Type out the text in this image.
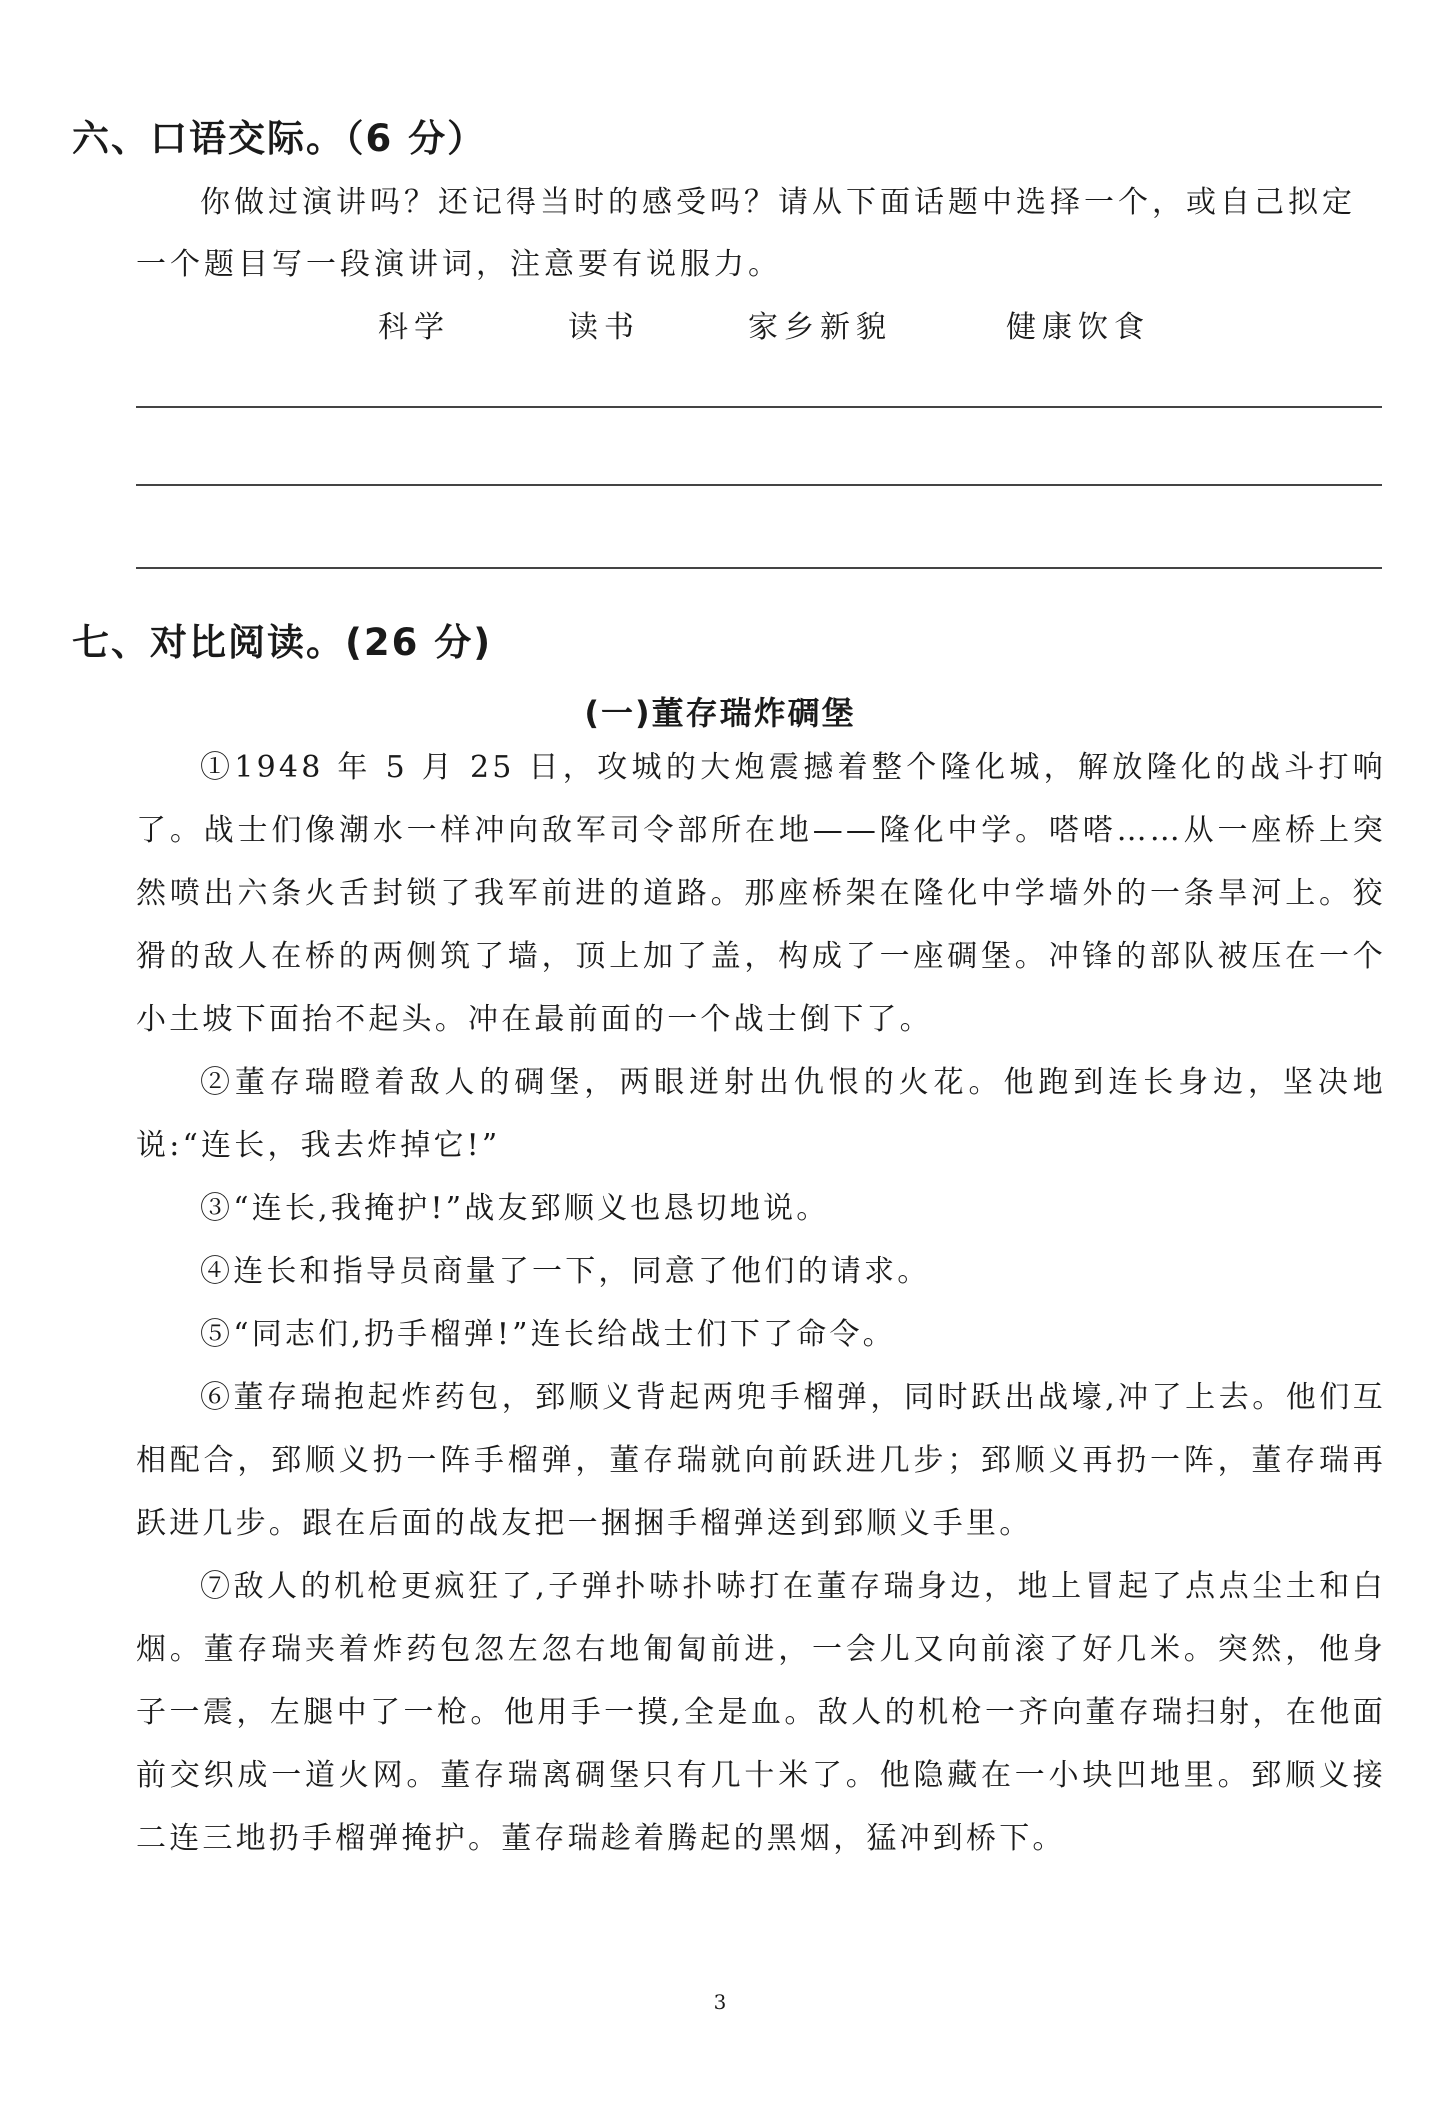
六、口语交际。（6 分）

你做过演讲吗？还记得当时的感受吗？请从下面话题中选择一个，或自己拟定一个题目写一段演讲词，注意要有说服力。

科学	读书	家乡新貌	健康饮食
七、对比阅读。(26 分)
(一)董存瑞炸碉堡

①1948 年 5 月 25 日，攻城的大炮震撼着整个隆化城，解放隆化的战斗打响了。战士们像潮水一样冲向敌军司令部所在地——隆化中学。嗒嗒……从一座桥上突然喷出六条火舌封锁了我军前进的道路。那座桥架在隆化中学墙外的一条旱河上。狡猾的敌人在桥的两侧筑了墙，顶上加了盖，构成了一座碉堡。冲锋的部队被压在一个小土坡下面抬不起头。冲在最前面的一个战士倒下了。

②董存瑞瞪着敌人的碉堡，两眼迸射出仇恨的火花。他跑到连长身边，坚决地说:“连长，我去炸掉它!”

③“连长,我掩护!”战友郅顺义也恳切地说。

④连长和指导员商量了一下，同意了他们的请求。

⑤“同志们,扔手榴弹!”连长给战士们下了命令。

⑥董存瑞抱起炸药包，郅顺义背起两兜手榴弹，同时跃出战壕,冲了上去。他们互相配合，郅顺义扔一阵手榴弹，董存瑞就向前跃进几步；郅顺义再扔一阵，董存瑞再跃进几步。跟在后面的战友把一捆捆手榴弹送到郅顺义手里。

⑦敌人的机枪更疯狂了,子弹扑哧扑哧打在董存瑞身边，地上冒起了点点尘土和白烟。董存瑞夹着炸药包忽左忽右地匍匐前进，一会儿又向前滚了好几米。突然，他身子一震，左腿中了一枪。他用手一摸,全是血。敌人的机枪一齐向董存瑞扫射，在他面前交织成一道火网。董存瑞离碉堡只有几十米了。他隐藏在一小块凹地里。郅顺义接二连三地扔手榴弹掩护。董存瑞趁着腾起的黑烟，猛冲到桥下。

3
